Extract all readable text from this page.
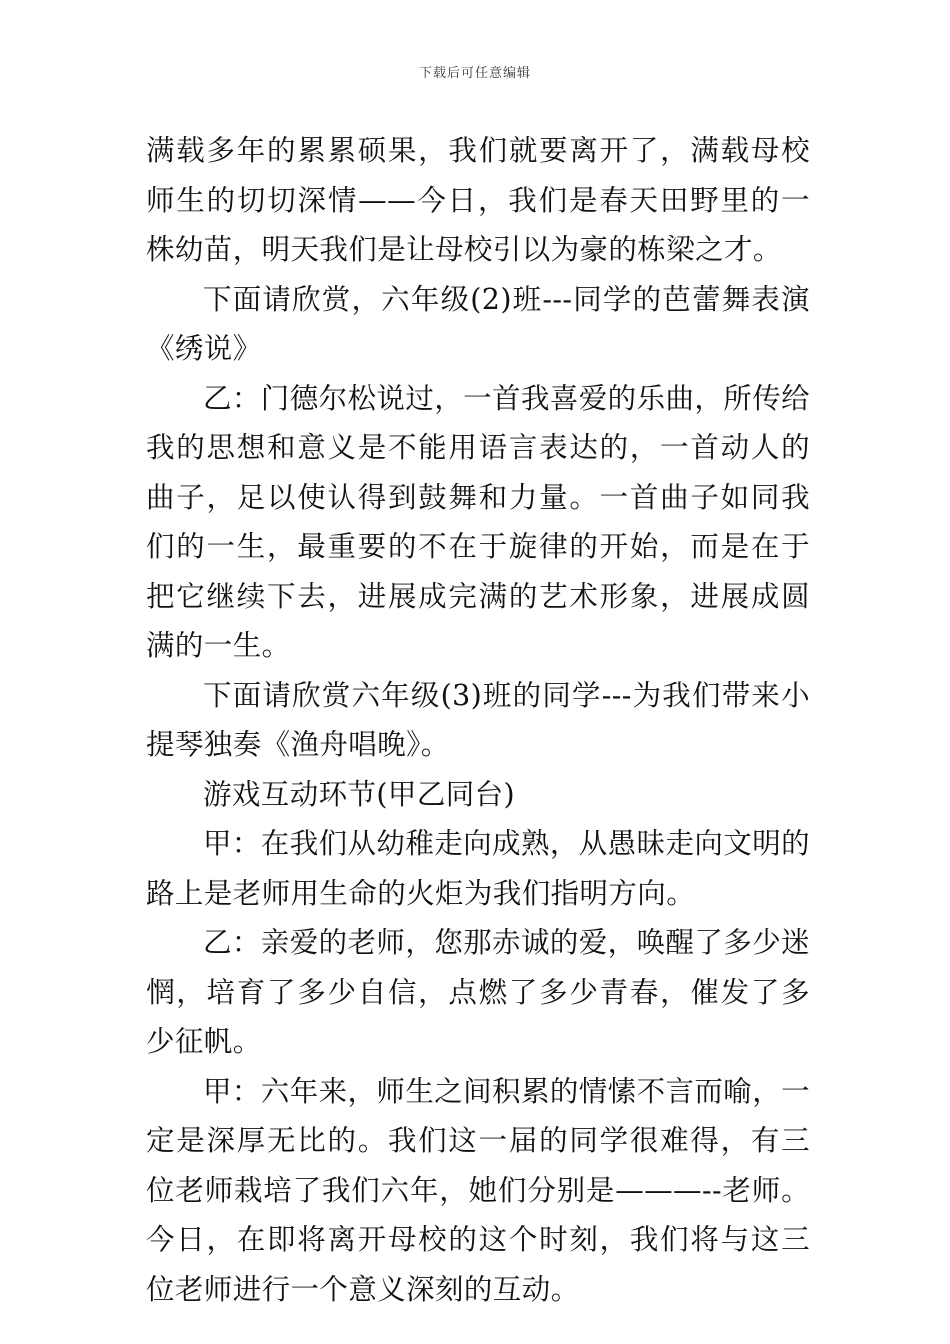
下载后可任意编辑

满载多年的累累硕果，我们就要离开了，满载母校师生的切切深情——今日，我们是春天田野里的一株幼苗，明天我们是让母校引以为豪的栋梁之才。

下面请欣赏，六年级(2)班---同学的芭蕾舞表演《绣说》

乙：门德尔松说过，一首我喜爱的乐曲，所传给我的思想和意义是不能用语言表达的，一首动人的曲子，足以使认得到鼓舞和力量。一首曲子如同我们的一生，最重要的不在于旋律的开始，而是在于把它继续下去，进展成完满的艺术形象，进展成圆满的一生。

下面请欣赏六年级(3)班的同学---为我们带来小提琴独奏《渔舟唱晚》。

游戏互动环节(甲乙同台)

甲：在我们从幼稚走向成熟，从愚昧走向文明的路上是老师用生命的火炬为我们指明方向。

乙：亲爱的老师，您那赤诚的爱，唤醒了多少迷惘，培育了多少自信，点燃了多少青春，催发了多少征帆。

甲：六年来，师生之间积累的情愫不言而喻，一定是深厚无比的。我们这一届的同学很难得，有三位老师栽培了我们六年，她们分别是———--老师。今日，在即将离开母校的这个时刻，我们将与这三位老师进行一个意义深刻的互动。
